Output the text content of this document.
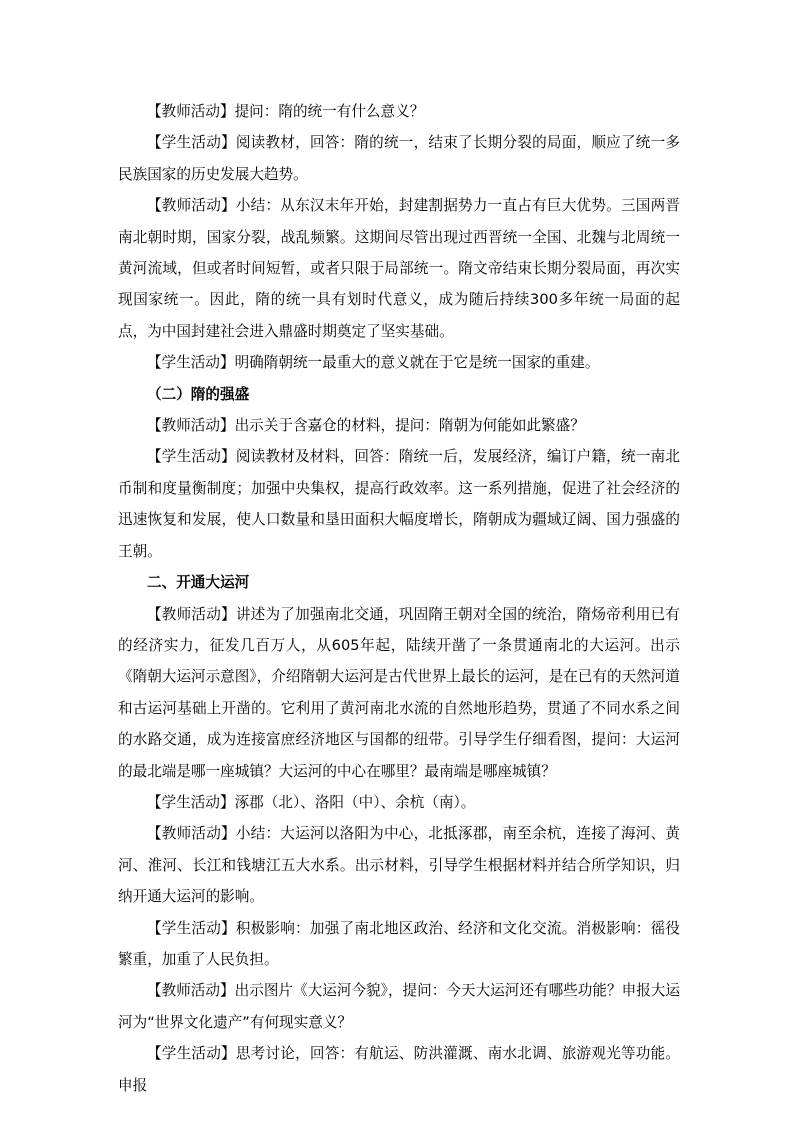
【教师活动】提问：隋的统一有什么意义？

【学生活动】阅读教材，回答：隋的统一，结束了长期分裂的局面，顺应了统一多民族国家的历史发展大趋势。

【教师活动】小结：从东汉末年开始，封建割据势力一直占有巨大优势。三国两晋南北朝时期，国家分裂，战乱频繁。这期间尽管出现过西晋统一全国、北魏与北周统一黄河流域，但或者时间短暂，或者只限于局部统一。隋文帝结束长期分裂局面，再次实现国家统一。因此，隋的统一具有划时代意义，成为随后持续300多年统一局面的起点，为中国封建社会进入鼎盛时期奠定了坚实基础。

【学生活动】明确隋朝统一最重大的意义就在于它是统一国家的重建。

（二）隋的强盛

【教师活动】出示关于含嘉仓的材料，提问：隋朝为何能如此繁盛？

【学生活动】阅读教材及材料，回答：隋统一后，发展经济，编订户籍，统一南北币制和度量衡制度；加强中央集权，提高行政效率。这一系列措施，促进了社会经济的迅速恢复和发展，使人口数量和垦田面积大幅度增长，隋朝成为疆域辽阔、国力强盛的王朝。

二、开通大运河

【教师活动】讲述为了加强南北交通，巩固隋王朝对全国的统治，隋炀帝利用已有的经济实力，征发几百万人，从605年起，陆续开凿了一条贯通南北的大运河。出示《隋朝大运河示意图》，介绍隋朝大运河是古代世界上最长的运河，是在已有的天然河道和古运河基础上开凿的。它利用了黄河南北水流的自然地形趋势，贯通了不同水系之间的水路交通，成为连接富庶经济地区与国都的纽带。引导学生仔细看图，提问：大运河的最北端是哪一座城镇？大运河的中心在哪里？最南端是哪座城镇？

【学生活动】涿郡（北）、洛阳（中）、余杭（南）。

【教师活动】小结：大运河以洛阳为中心，北抵涿郡，南至余杭，连接了海河、黄河、淮河、长江和钱塘江五大水系。出示材料，引导学生根据材料并结合所学知识，归纳开通大运河的影响。

【学生活动】积极影响：加强了南北地区政治、经济和文化交流。消极影响：徭役繁重，加重了人民负担。

【教师活动】出示图片《大运河今貌》，提问：今天大运河还有哪些功能？申报大运河为“世界文化遗产”有何现实意义？

【学生活动】思考讨论，回答：有航运、防洪灌溉、南水北调、旅游观光等功能。申报
